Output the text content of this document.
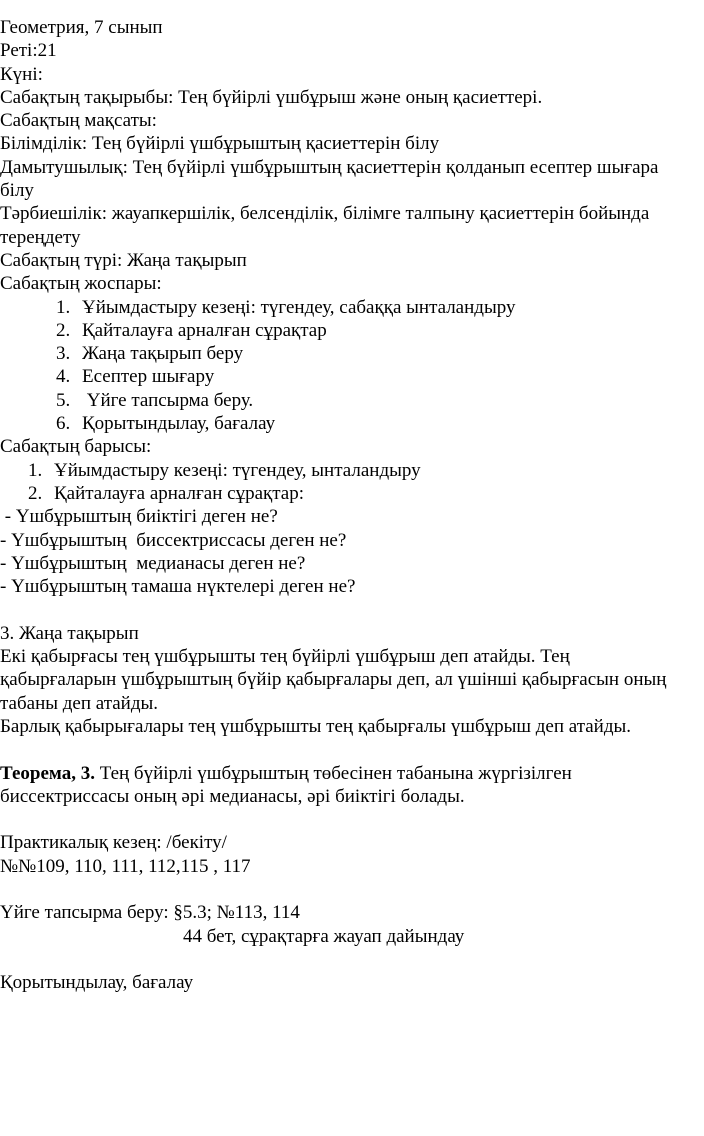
Геометрия, 7 сынып
Реті:21
Күні:
Сабақтың тақырыбы: Тең бүйірлі үшбұрыш және оның қасиеттері.
Сабақтың мақсаты:
Білімділік: Тең бүйірлі үшбұрыштың қасиеттерін білу
Дамытушылық: Тең бүйірлі үшбұрыштың қасиеттерін қолданып есептер шығара
білу
Тәрбиешілік: жауапкершілік, белсенділік, білімге талпыну қасиеттерін бойында
тереңдету
Сабақтың түрі: Жаңа тақырып
Сабақтың жоспары:
1. Ұйымдастыру кезеңі: түгендеу, сабаққа ынталандыру
2. Қайталауға арналған сұрақтар
3. Жаңа тақырып беру
4. Есептер шығару
5. Үйге тапсырма беру.
6. Қорытындылау, бағалау
Сабақтың барысы:
1. Ұйымдастыру кезеңі: түгендеу, ынталандыру
2. Қайталауға арналған сұрақтар:
- Үшбұрыштың биіктігі деген не?
- Үшбұрыштың  биссектриссасы деген не?
- Үшбұрыштың  медианасы деген не?
- Үшбұрыштың тамаша нүктелері деген не?
3. Жаңа тақырып
Екі қабырғасы тең үшбұрышты тең бүйірлі үшбұрыш деп атайды. Тең
қабырғаларын үшбұрыштың бүйір қабырғалары деп, ал үшінші қабырғасын оның
табаны деп атайды.
Барлық қабырығалары тең үшбұрышты тең қабырғалы үшбұрыш деп атайды.
Теорема, 3. Тең бүйірлі үшбұрыштың төбесінен табанына жүргізілген
биссектриссасы оның әрі медианасы, әрі биіктігі болады.
Практикалық кезең: /бекіту/
№№109, 110, 111, 112,115 , 117
Үйге тапсырма беру: §5.3; №113, 114
44 бет, сұрақтарға жауап дайындау
Қорытындылау, бағалау
